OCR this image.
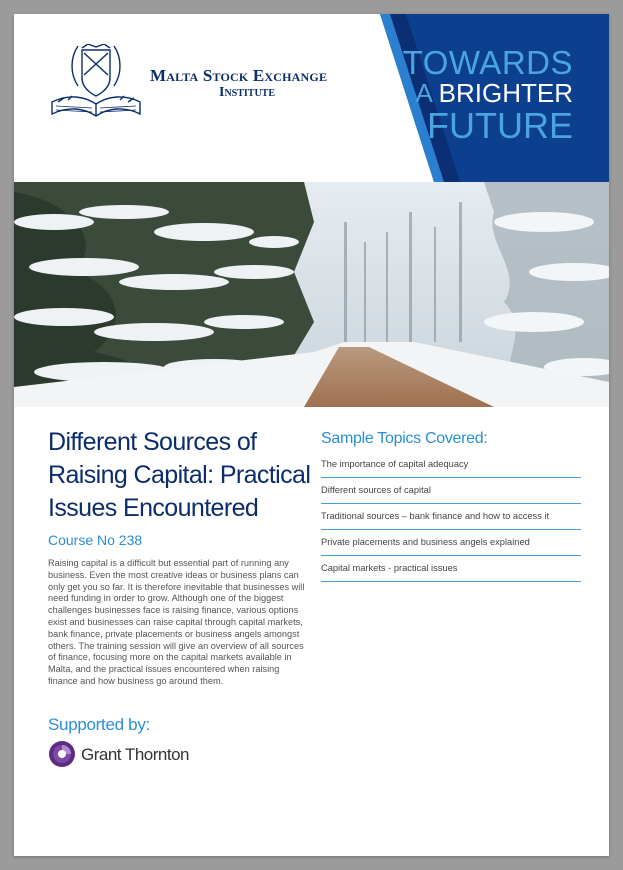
Malta Stock Exchange
Institute
TOWARDS
A BRIGHTER
FUTURE
Different Sources of Raising Capital: Practical Issues Encountered
Course No 238
Raising capital is a difficult but essential part of running any business. Even the most creative ideas or business plans can only get you so far. It is therefore inevitable that businesses will need funding in order to grow. Although one of the biggest challenges businesses face is raising finance, various options exist and businesses can raise capital through capital markets, bank finance, private placements or business angels amongst others. The training session will give an overview of all sources of finance, focusing more on the capital markets available in Malta, and the practical issues encountered when raising finance and how business go around them.
Supported by:
Grant Thornton
Sample Topics Covered:
The importance of capital adequacy
Different sources of capital
Traditional sources – bank finance and how to access it
Private placements and business angels explained
Capital markets - practical issues
